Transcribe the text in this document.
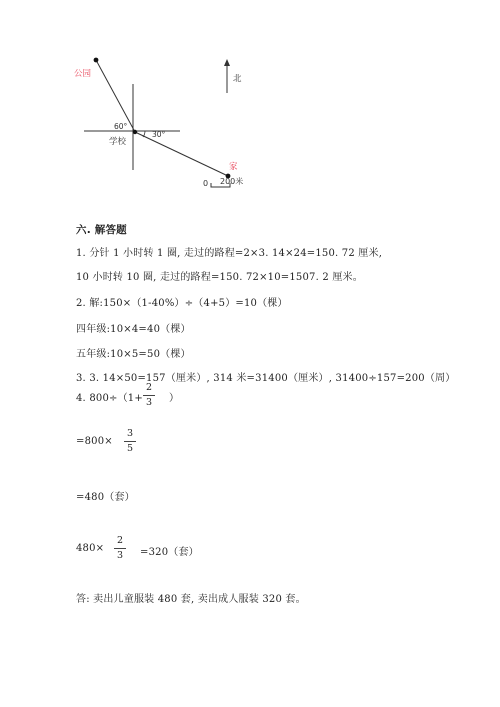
公园	北
60°
30°
学校
家
0 200米
六. 解答题
1. 分针 1 小时转 1 圈, 走过的路程=2×3. 14×24=150. 72 厘米,
10 小时转 10 圈, 走过的路程=150. 72×10=1507. 2 厘米。
2. 解:150×（1-40%）÷（4+5）=10（棵）
四年级:10×4=40（棵）
五年级:10×5=50（棵）
3. 3. 14×50=157（厘米）, 314 米=31400（厘米）, 31400÷157=200（周）
4. 800÷（1+
2
3 ）
=800×
3
5
=480（套）
480×
2
3 =320（套）
答: 卖出儿童服装 480 套, 卖出成人服装 320 套。
